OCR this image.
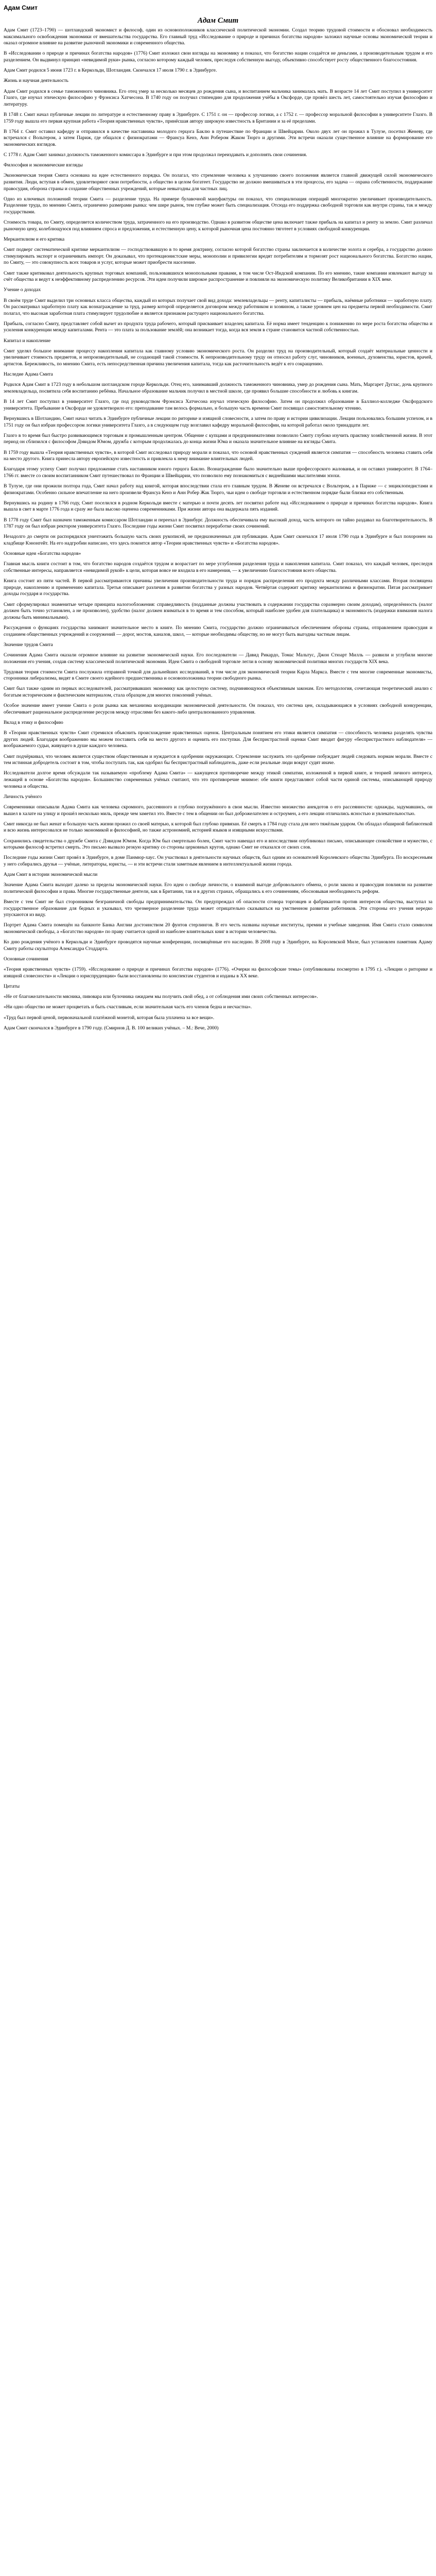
Адам Смит
Адам Смит

Адам Смит (1723–1790) — шотландский экономист и философ, один из основоположников классической политической экономии. Создал теорию трудовой стоимости и обосновал необходимость максимального освобождения экономики от вмешательства государства. Его главный труд «Исследование о природе и причинах богатства народов» заложил научные основы экономической теории и оказал огромное влияние на развитие рыночной экономики и современного общества.

В «Исследовании о природе и причинах богатства народов» (1776) Смит изложил свои взгляды на экономику и показал, что богатство нации создаётся не деньгами, а производительным трудом и его разделением. Он выдвинул принцип «невидимой руки» рынка, согласно которому каждый человек, преследуя собственную выгоду, объективно способствует росту общественного благосостояния.

Адам Смит родился 5 июня 1723 г. в Керкольди, Шотландия. Скончался 17 июля 1790 г. в Эдинбурге.

Жизнь и научная деятельность

Адам Смит родился в семье таможенного чиновника. Его отец умер за несколько месяцев до рождения сына, и воспитанием мальчика занималась мать. В возрасте 14 лет Смит поступил в университет Глазго, где изучал этическую философию у Фрэнсиса Хатчесона. В 1740 году он получил стипендию для продолжения учёбы в Оксфорде, где провёл шесть лет, самостоятельно изучая философию и литературу.

В 1748 г. Смит начал публичные лекции по литературе и естественному праву в Эдинбурге. С 1751 г. он — профессор логики, а с 1752 г. — профессор моральной философии в университете Глазго. В 1759 году вышла его первая крупная работа «Теория нравственных чувств», принёсшая автору широкую известность в Британии и за её пределами.

В 1764 г. Смит оставил кафедру и отправился в качестве наставника молодого герцога Баклю в путешествие по Франции и Швейцарии. Около двух лет он прожил в Тулузе, посетил Женеву, где встречался с Вольтером, а затем Париж, где общался с физиократами — Франсуа Кенэ, Анн Робером Жаком Тюрго и другими. Эти встречи оказали существенное влияние на формирование его экономических взглядов.

С 1778 г. Адам Смит занимал должность таможенного комиссара в Эдинбурге и при этом продолжал переиздавать и дополнять свои сочинения.

Философия и экономические взгляды

Экономическая теория Смита основана на идее естественного порядка. Он полагал, что стремление человека к улучшению своего положения является главной движущей силой экономического развития. Люди, вступая в обмен, удовлетворяют свои потребности, а общество в целом богатеет. Государство не должно вмешиваться в эти процессы, его задача — охрана собственности, поддержание правосудия, оборона страны и создание общественных учреждений, которые невыгодны для частных лиц.

Одно из ключевых положений теории Смита — разделение труда. На примере булавочной мануфактуры он показал, что специализация операций многократно увеличивает производительность. Разделение труда, по мнению Смита, ограничено размерами рынка: чем шире рынок, тем глубже может быть специализация. Отсюда его поддержка свободной торговли как внутри страны, так и между государствами.

Стоимость товара, по Смиту, определяется количеством труда, затраченного на его производство. Однако в развитом обществе цена включает также прибыль на капитал и ренту за землю. Смит различал рыночную цену, колеблющуюся под влиянием спроса и предложения, и естественную цену, к которой рыночная цена постоянно тяготеет в условиях свободной конкуренции.

Меркантилизм и его критика

Смит подверг систематической критике меркантилизм — господствовавшую в то время доктрину, согласно которой богатство страны заключается в количестве золота и серебра, а государство должно стимулировать экспорт и ограничивать импорт. Он доказывал, что протекционистские меры, монополии и привилегии вредят потребителям и тормозят рост национального богатства. Богатство нации, по Смиту, — это совокупность всех товаров и услуг, которые может приобрести население.

Смит также критиковал деятельность крупных торговых компаний, пользовавшихся монопольными правами, в том числе Ост-Индской компании. По его мнению, такие компании извлекают выгоду за счёт общества и ведут к неэффективному распределению ресурсов. Эти идеи получили широкое распространение и повлияли на экономическую политику Великобритании в XIX веке.

Учение о доходах

В своём труде Смит выделил три основных класса общества, каждый из которых получает свой вид дохода: землевладельцы — ренту, капиталисты — прибыль, наёмные работники — заработную плату. Он рассматривал заработную плату как вознаграждение за труд, размер которой определяется договором между работником и хозяином, а также уровнем цен на предметы первой необходимости. Смит полагал, что высокая заработная плата стимулирует трудолюбие и является признаком растущего национального богатства.

Прибыль, согласно Смиту, представляет собой вычет из продукта труда рабочего, который присваивает владелец капитала. Её норма имеет тенденцию к понижению по мере роста богатства общества и усиления конкуренции между капиталами. Рента — это плата за пользование землёй; она возникает тогда, когда вся земля в стране становится частной собственностью.

Капитал и накопление

Смит уделял большое внимание процессу накопления капитала как главному условию экономического роста. Он разделял труд на производительный, который создаёт материальные ценности и увеличивает стоимость предметов, и непроизводительный, не создающий такой стоимости. К непроизводительному труду он относил работу слуг, чиновников, военных, духовенства, юристов, врачей, артистов. Бережливость, по мнению Смита, есть непосредственная причина увеличения капитала, тогда как расточительность ведёт к его сокращению.

Наследие Адама Смита

Родился Адам Смит в 1723 году в небольшом шотландском городе Керкольди. Отец его, занимавший должность таможенного чиновника, умер до рождения сына. Мать, Маргарет Дуглас, дочь крупного землевладельца, посвятила себя воспитанию ребёнка. Начальное образование мальчик получил в местной школе, где проявил большие способности и любовь к книгам.

В 14 лет Смит поступил в университет Глазго, где под руководством Фрэнсиса Хатчесона изучал этическую философию. Затем он продолжил образование в Баллиол-колледже Оксфордского университета. Пребывание в Оксфорде не удовлетворило его: преподавание там велось формально, и большую часть времени Смит посвящал самостоятельному чтению.

Вернувшись в Шотландию, Смит начал читать в Эдинбурге публичные лекции по риторике и изящной словесности, а затем по праву и истории цивилизации. Лекции пользовались большим успехом, и в 1751 году он был избран профессором логики университета Глазго, а в следующем году возглавил кафедру моральной философии, на которой работал около тринадцати лет.

Глазго в то время был быстро развивающимся торговым и промышленным центром. Общение с купцами и предпринимателями позволило Смиту глубоко изучить практику хозяйственной жизни. В этот период он сблизился с философом Дэвидом Юмом, дружба с которым продолжалась до конца жизни Юма и оказала значительное влияние на взгляды Смита.

В 1759 году вышла «Теория нравственных чувств», в которой Смит исследовал природу морали и показал, что основой нравственных суждений является симпатия — способность человека ставить себя на место другого. Книга принесла автору европейскую известность и привлекла к нему внимание влиятельных людей.

Благодаря этому успеху Смит получил предложение стать наставником юного герцога Баклю. Вознаграждение было значительно выше профессорского жалованья, и он оставил университет. В 1764–1766 гг. вместе со своим воспитанником Смит путешествовал по Франции и Швейцарии, что позволило ему познакомиться с виднейшими мыслителями эпохи.

В Тулузе, где они прожили полтора года, Смит начал работу над книгой, которая впоследствии стала его главным трудом. В Женеве он встречался с Вольтером, а в Париже — с энциклопедистами и физиократами. Особенно сильное впечатление на него произвели Франсуа Кенэ и Анн Робер Жак Тюрго, чьи идеи о свободе торговли и естественном порядке были близки его собственным.

Вернувшись на родину в 1766 году, Смит поселился в родном Керкольди вместе с матерью и почти десять лет посвятил работе над «Исследованием о природе и причинах богатства народов». Книга вышла в свет в марте 1776 года и сразу же была высоко оценена современниками. При жизни автора она выдержала пять изданий.

В 1778 году Смит был назначен таможенным комиссаром Шотландии и переехал в Эдинбург. Должность обеспечивала ему высокий доход, часть которого он тайно раздавал на благотворительность. В 1787 году он был избран ректором университета Глазго. Последние годы жизни Смит посвятил переработке своих сочинений.

Незадолго до смерти он распорядился уничтожить большую часть своих рукописей, не предназначенных для публикации. Адам Смит скончался 17 июля 1790 года в Эдинбурге и был похоронен на кладбище Кэнонгейт. На его надгробии написано, что здесь покоится автор «Теории нравственных чувств» и «Богатства народов».

Основные идеи «Богатства народов»

Главная мысль книги состоит в том, что богатство народов создаётся трудом и возрастает по мере углубления разделения труда и накопления капитала. Смит показал, что каждый человек, преследуя собственные интересы, направляется «невидимой рукой» к цели, которая вовсе не входила в его намерения, — к увеличению благосостояния всего общества.

Книга состоит из пяти частей. В первой рассматриваются причины увеличения производительности труда и порядок распределения его продукта между различными классами. Вторая посвящена природе, накоплению и применению капитала. Третья описывает различия в развитии богатства у разных народов. Четвёртая содержит критику меркантилизма и физиократии. Пятая рассматривает доходы государя и государства.

Смит сформулировал знаменитые четыре принципа налогообложения: справедливость (подданные должны участвовать в содержании государства соразмерно своим доходам), определённость (налог должен быть точно установлен, а не произволен), удобство (налог должен взиматься в то время и тем способом, который наиболее удобен для плательщика) и экономность (издержки взимания налога должны быть минимальными).

Рассуждения о функциях государства занимают значительное место в книге. По мнению Смита, государство должно ограничиваться обеспечением обороны страны, отправлением правосудия и созданием общественных учреждений и сооружений — дорог, мостов, каналов, школ, — которые необходимы обществу, но не могут быть выгодны частным лицам.

Значение трудов Смита

Сочинения Адама Смита оказали огромное влияние на развитие экономической науки. Его последователи — Давид Рикардо, Томас Мальтус, Джон Стюарт Милль — развили и углубили многие положения его учения, создав систему классической политической экономии. Идеи Смита о свободной торговле легли в основу экономической политики многих государств XIX века.

Трудовая теория стоимости Смита послужила отправной точкой для дальнейших исследований, в том числе для экономической теории Карла Маркса. Вместе с тем многие современные экономисты, сторонники либерализма, видят в Смите своего идейного предшественника и основоположника теории свободного рынка.

Смит был также одним из первых исследователей, рассматривавших экономику как целостную систему, подчиняющуюся объективным законам. Его методология, сочетающая теоретический анализ с богатым историческим и фактическим материалом, стала образцом для многих поколений учёных.

Особое значение имеет учение Смита о роли рынка как механизма координации экономической деятельности. Он показал, что система цен, складывающаяся в условиях свободной конкуренции, обеспечивает рациональное распределение ресурсов между отраслями без какого-либо централизованного управления.

Вклад в этику и философию

В «Теории нравственных чувств» Смит стремился объяснить происхождение нравственных оценок. Центральным понятием его этики является симпатия — способность человека разделять чувства других людей. Благодаря воображению мы можем поставить себя на место другого и оценить его поступки. Для беспристрастной оценки Смит вводит фигуру «беспристрастного наблюдателя» — воображаемого судьи, живущего в душе каждого человека.

Смит подчёркивал, что человек является существом общественным и нуждается в одобрении окружающих. Стремление заслужить это одобрение побуждает людей следовать нормам морали. Вместе с тем истинная добродетель состоит в том, чтобы поступать так, как одобрил бы беспристрастный наблюдатель, даже если реальные люди вокруг судят иначе.

Исследователи долгое время обсуждали так называемую «проблему Адама Смита» — кажущееся противоречие между этикой симпатии, изложенной в первой книге, и теорией личного интереса, лежащей в основе «Богатства народов». Большинство современных учёных считают, что это противоречие мнимое: обе книги представляют собой части единой системы, описывающей природу человека и общества.

Личность учёного

Современники описывали Адама Смита как человека скромного, рассеянного и глубоко погружённого в свои мысли. Известно множество анекдотов о его рассеянности: однажды, задумавшись, он вышел в халате на улицу и прошёл несколько миль, прежде чем заметил это. Вместе с тем в общении он был доброжелателен и остроумен, а его лекции отличались ясностью и увлекательностью.

Смит никогда не был женат и большую часть жизни прожил со своей матерью, к которой был глубоко привязан. Её смерть в 1784 году стала для него тяжёлым ударом. Он обладал обширной библиотекой и всю жизнь интересовался не только экономикой и философией, но также астрономией, историей языков и изящными искусствами.

Сохранились свидетельства о дружбе Смита с Дэвидом Юмом. Когда Юм был смертельно болен, Смит часто навещал его и впоследствии опубликовал письмо, описывающее спокойствие и мужество, с которыми философ встретил смерть. Это письмо вызвало резкую критику со стороны церковных кругов, однако Смит не отказался от своих слов.

Последние годы жизни Смит провёл в Эдинбурге, в доме Панмюр-хаус. Он участвовал в деятельности научных обществ, был одним из основателей Королевского общества Эдинбурга. По воскресеньям у него собирались друзья — учёные, литераторы, юристы, — и эти встречи стали заметным явлением в интеллектуальной жизни города.

Адам Смит в истории экономической мысли

Значение Адама Смита выходит далеко за пределы экономической науки. Его идеи о свободе личности, о взаимной выгоде добровольного обмена, о роли закона и правосудия повлияли на развитие политической философии и права. Многие государственные деятели, как в Британии, так и в других странах, обращались к его сочинениям, обосновывая необходимость реформ.

Вместе с тем Смит не был сторонником безграничной свободы предпринимательства. Он предупреждал об опасности сговора торговцев и фабрикантов против интересов общества, выступал за государственное образование для бедных и указывал, что чрезмерное разделение труда может отрицательно сказываться на умственном развитии работников. Эти стороны его учения нередко упускаются из виду.

Портрет Адама Смита помещён на банкноте Банка Англии достоинством 20 фунтов стерлингов. В его честь названы научные институты, премии и учебные заведения. Имя Смита стало символом экономической свободы, а «Богатство народов» по праву считается одной из наиболее влиятельных книг в истории человечества.

Ко дню рождения учёного в Керкольди и Эдинбурге проводятся научные конференции, посвящённые его наследию. В 2008 году в Эдинбурге, на Королевской Миле, был установлен памятник Адаму Смиту работы скульптора Александра Стоддарта.

Основные сочинения

«Теория нравственных чувств» (1759). «Исследование о природе и причинах богатства народов» (1776). «Очерки на философские темы» (опубликованы посмертно в 1795 г.). «Лекции о риторике и изящной словесности» и «Лекции о юриспруденции» были восстановлены по конспектам студентов и изданы в XX веке.

Цитаты

«Не от благожелательности мясника, пивовара или булочника ожидаем мы получить свой обед, а от соблюдения ими своих собственных интересов».

«Ни одно общество не может процветать и быть счастливым, если значительная часть его членов бедна и несчастна».

«Труд был первой ценой, первоначальной платёжной монетой, которая была уплачена за все вещи».

Адам Смит скончался в Эдинбурге в 1790 году. (Смирнов Д. В. 100 великих учёных. – М.: Вече, 2000)
